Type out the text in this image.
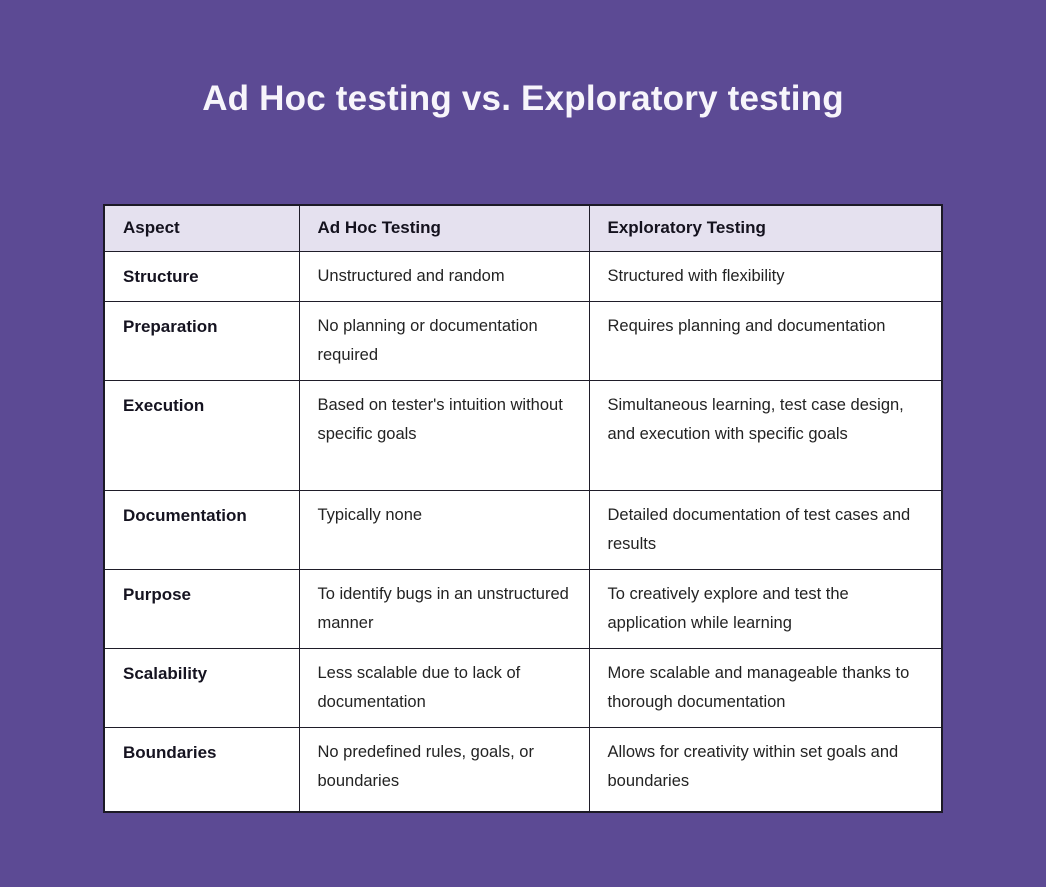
Ad Hoc testing vs. Exploratory testing
Aspect	Ad Hoc Testing	Exploratory Testing
Structure	Unstructured and random	Structured with flexibility
Preparation	No planning or documentation required	Requires planning and documentation
Execution	Based on tester's intuition without specific goals	Simultaneous learning, test case design, and execution with specific goals
Documentation	Typically none	Detailed documentation of test cases and results
Purpose	To identify bugs in an unstructured manner	To creatively explore and test the application while learning
Scalability	Less scalable due to lack of documentation	More scalable and manageable thanks to thorough documentation
Boundaries	No predefined rules, goals, or boundaries	Allows for creativity within set goals and boundaries
